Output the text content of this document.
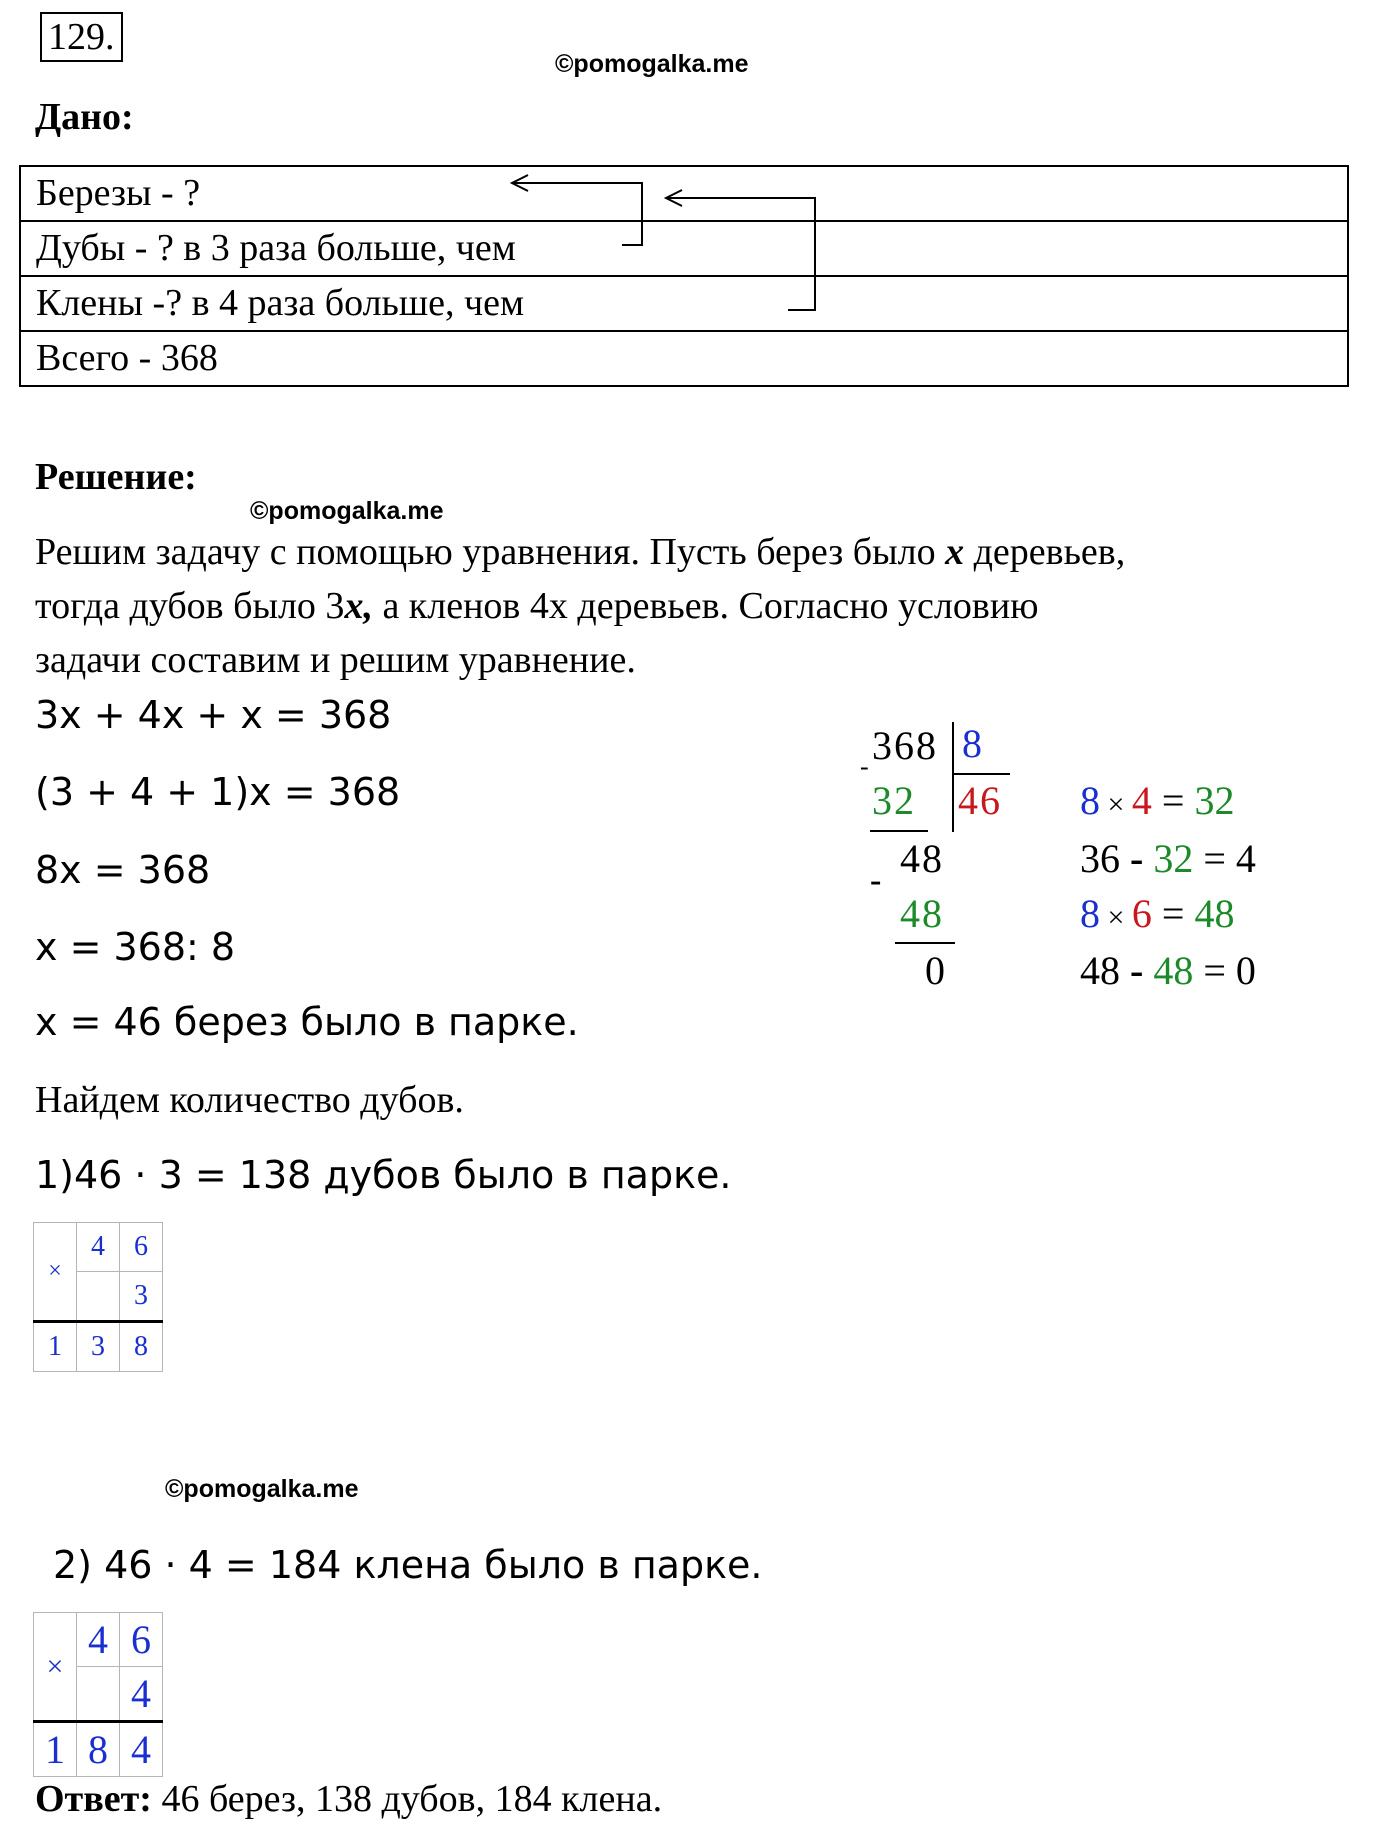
129.
©pomogalka.me
Дано:
Березы - ?
Дубы - ? в 3 раза больше, чем
Клены -? в 4 раза больше, чем
Всего - 368
Решение:
©pomogalka.me
Решим задачу с помощью уравнения. Пусть берез было x деревьев,
тогда дубов было 3x, а кленов 4х деревьев. Согласно условию
задачи составим и решим уравнение.
3x + 4x + x = 368
(3 + 4 + 1)x = 368
8x = 368
x = 368: 8
x = 46 берез было в парке.
368 8
-
32 46
48
-
48
0
8 × 4 = 32
36 - 32 = 4
8 × 6 = 48
48 - 48 = 0
Найдем количество дубов.
1)46 · 3 = 138 дубов было в парке.
×	4	6
		3
1	3	8
©pomogalka.me
2) 46 · 4 = 184 клена было в парке.
×	4	6
		4
1	8	4
Ответ: 46 берез, 138 дубов, 184 клена.
